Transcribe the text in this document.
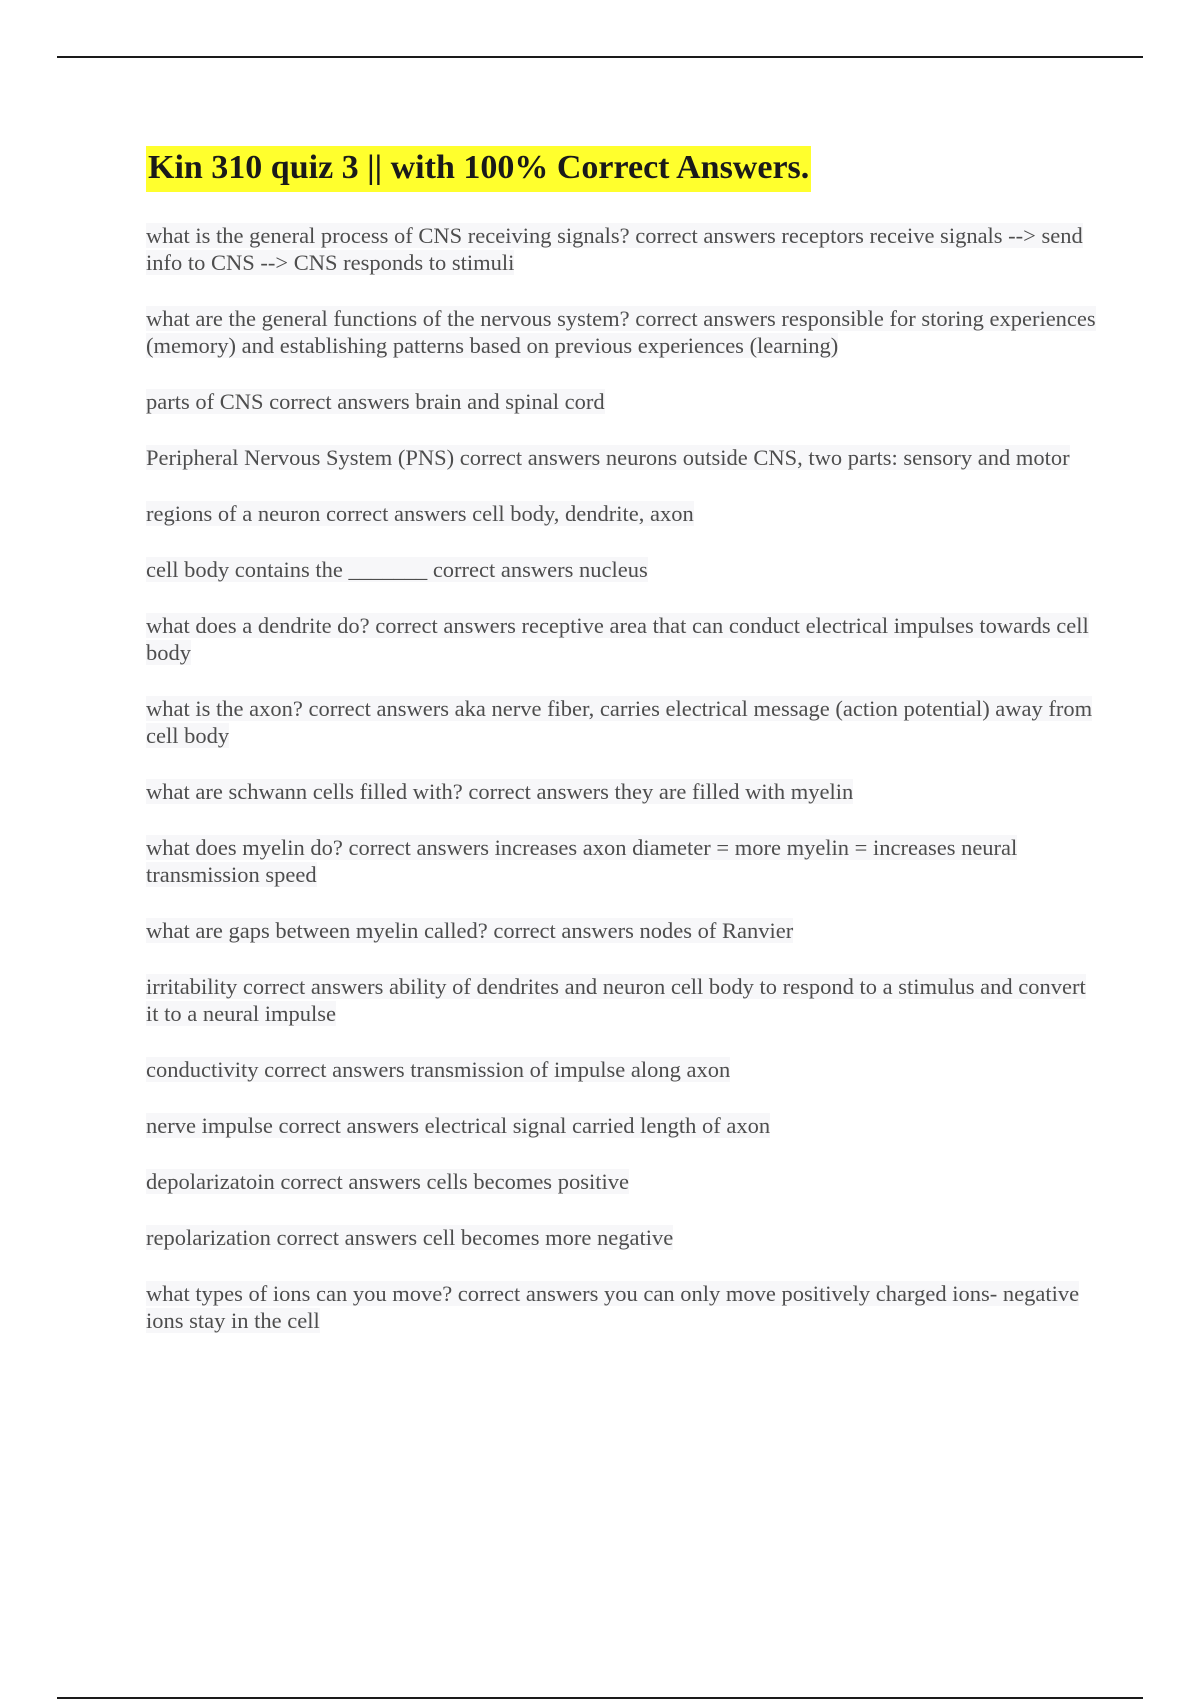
Kin 310 quiz 3 || with 100% Correct Answers.
what is the general process of CNS receiving signals? correct answers receptors receive signals --> send info to CNS --> CNS responds to stimuli
what are the general functions of the nervous system? correct answers responsible for storing experiences (memory) and establishing patterns based on previous experiences (learning)
parts of CNS correct answers brain and spinal cord
Peripheral Nervous System (PNS) correct answers neurons outside CNS, two parts: sensory and motor
regions of a neuron correct answers cell body, dendrite, axon
cell body contains the _______ correct answers nucleus
what does a dendrite do? correct answers receptive area that can conduct electrical impulses towards cell body
what is the axon? correct answers aka nerve fiber, carries electrical message (action potential) away from cell body
what are schwann cells filled with? correct answers they are filled with myelin
what does myelin do? correct answers increases axon diameter = more myelin = increases neural transmission speed
what are gaps between myelin called? correct answers nodes of Ranvier
irritability correct answers ability of dendrites and neuron cell body to respond to a stimulus and convert it to a neural impulse
conductivity correct answers transmission of impulse along axon
nerve impulse correct answers electrical signal carried length of axon
depolarizatoin correct answers cells becomes positive
repolarization correct answers cell becomes more negative
what types of ions can you move? correct answers you can only move positively charged ions- negative ions stay in the cell
